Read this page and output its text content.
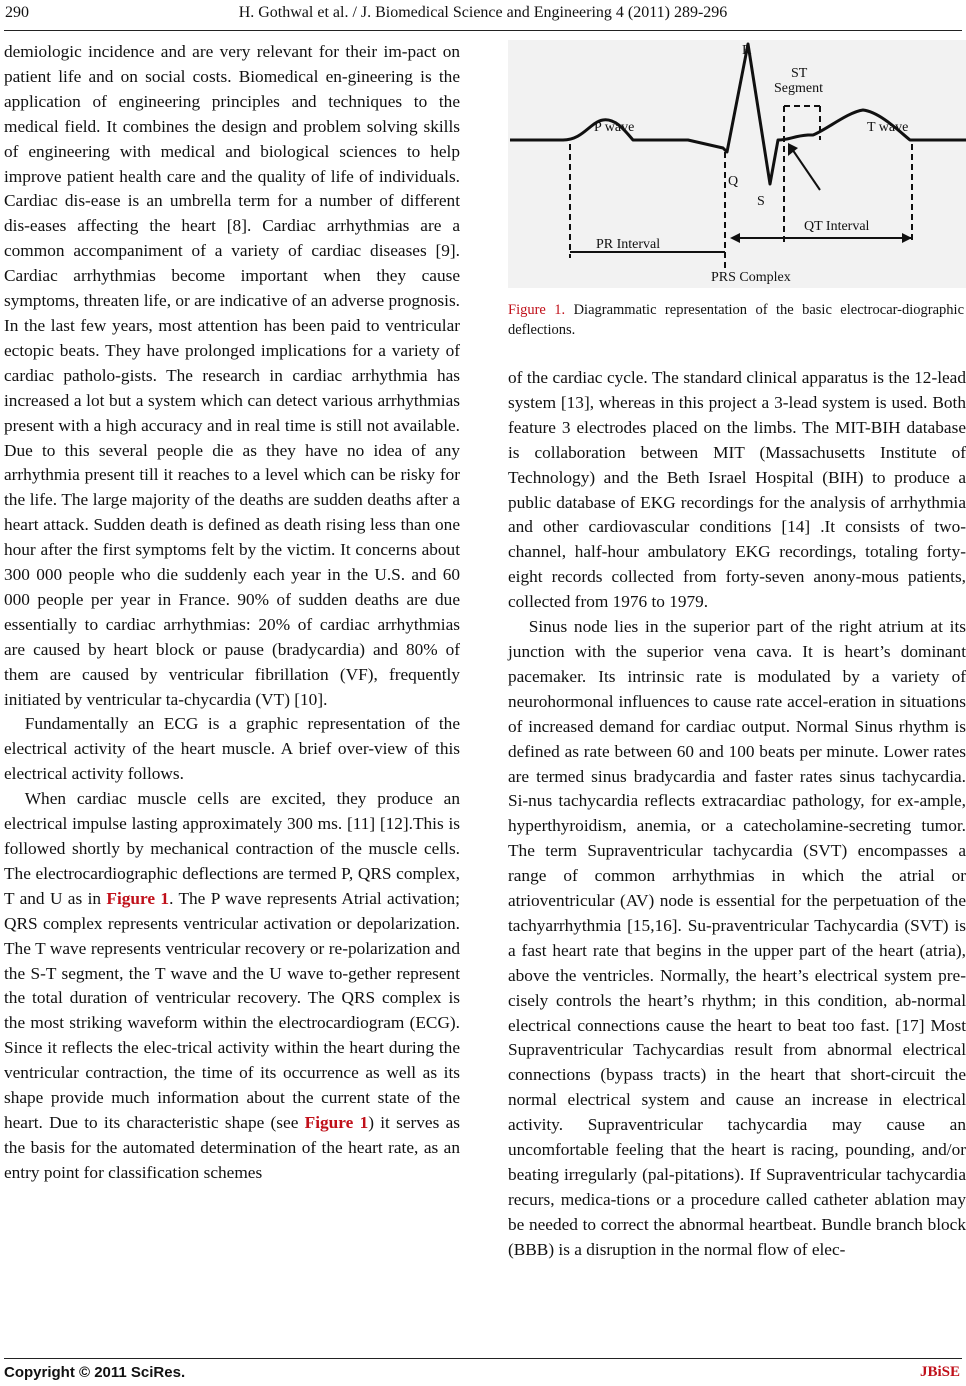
290	H. Gothwal et al. / J. Biomedical Science and Engineering 4 (2011) 289-296

demiologic incidence and are very relevant for their im-pact on patient life and on social costs. Biomedical en-gineering is the application of engineering principles and techniques to the medical field. It combines the design and problem solving skills of engineering with medical and biological sciences to help improve patient health care and the quality of life of individuals. Cardiac dis-ease is an umbrella term for a number of different dis-eases affecting the heart [8]. Cardiac arrhythmias are a common accompaniment of a variety of cardiac diseases [9]. Cardiac arrhythmias become important when they cause symptoms, threaten life, or are indicative of an adverse prognosis. In the last few years, most attention has been paid to ventricular ectopic beats. They have prolonged implications for a variety of cardiac patholo-gists. The research in cardiac arrhythmia has increased a lot but a system which can detect various arrhythmias present with a high accuracy and in real time is still not available. Due to this several people die as they have no idea of any arrhythmia present till it reaches to a level which can be risky for the life. The large majority of the deaths are sudden deaths after a heart attack. Sudden death is defined as death rising less than one hour after the first symptoms felt by the victim. It concerns about 300 000 people who die suddenly each year in the U.S. and 60 000 people per year in France. 90% of sudden deaths are due essentially to cardiac arrhythmias: 20% of cardiac arrhythmias are caused by heart block or pause (bradycardia) and 80% of them are caused by ventricular fibrillation (VF), frequently initiated by ventricular ta-chycardia (VT) [10].

Fundamentally an ECG is a graphic representation of the electrical activity of the heart muscle. A brief over-view of this electrical activity follows.

When cardiac muscle cells are excited, they produce an electrical impulse lasting approximately 300 ms. [11] [12].This is followed shortly by mechanical contraction of the muscle cells. The electrocardiographic deflections are termed P, QRS complex, T and U as in Figure 1. The P wave represents Atrial activation; QRS complex represents ventricular activation or depolarization. The T wave represents ventricular recovery or re-polarization and the S-T segment, the T wave and the U wave to-gether represent the total duration of ventricular recovery. The QRS complex is the most striking waveform within the electrocardiogram (ECG). Since it reflects the elec-trical activity within the heart during the ventricular contraction, the time of its occurrence as well as its shape provide much information about the current state of the heart. Due to its characteristic shape (see Figure 1) it serves as the basis for the automated determination of the heart rate, as an entry point for classification schemes

R
ST
Segment
P wave	T wave
Q
S
QT Interval
PR Interval
PRS Complex
Figure 1. Diagrammatic representation of the basic electrocar-diographic deflections.

of the cardiac cycle. The standard clinical apparatus is the 12-lead system [13], whereas in this project a 3-lead system is used. Both feature 3 electrodes placed on the limbs. The MIT-BIH database is collaboration between MIT (Massachusetts Institute of Technology) and the Beth Israel Hospital (BIH) to produce a public database of EKG recordings for the analysis of arrhythmia and other cardiovascular conditions [14] .It consists of two-channel, half-hour ambulatory EKG recordings, totaling forty-eight records collected from forty-seven anony-mous patients, collected from 1976 to 1979.

Sinus node lies in the superior part of the right atrium at its junction with the superior vena cava. It is heart’s dominant pacemaker. Its intrinsic rate is modulated by a variety of neurohormonal influences to cause rate accel-eration in situations of increased demand for cardiac output. Normal Sinus rhythm is defined as rate between 60 and 100 beats per minute. Lower rates are termed sinus bradycardia and faster rates sinus tachycardia. Si-nus tachycardia reflects extracardiac pathology, for ex-ample, hyperthyroidism, anemia, or a catecholamine-secreting tumor. The term Supraventricular tachycardia (SVT) encompasses a range of common arrhythmias in which the atrial or atrioventricular (AV) node is essential for the perpetuation of the tachyarrhythmia [15,16]. Su-praventricular Tachycardia (SVT) is a fast heart rate that begins in the upper part of the heart (atria), above the ventricles. Normally, the heart’s electrical system pre-cisely controls the heart’s rhythm; in this condition, ab-normal electrical connections cause the heart to beat too fast. [17] Most Supraventricular Tachycardias result from abnormal electrical connections (bypass tracts) in the heart that short-circuit the normal electrical system and cause an increase in electrical activity. Supraventricular tachycardia may cause an uncomfortable feeling that the heart is racing, pounding, and/or beating irregularly (pal-pitations). If Supraventricular tachycardia recurs, medica-tions or a procedure called catheter ablation may be needed to correct the abnormal heartbeat. Bundle branch block (BBB) is a disruption in the normal flow of elec-

Copyright © 2011 SciRes.	JBiSE
